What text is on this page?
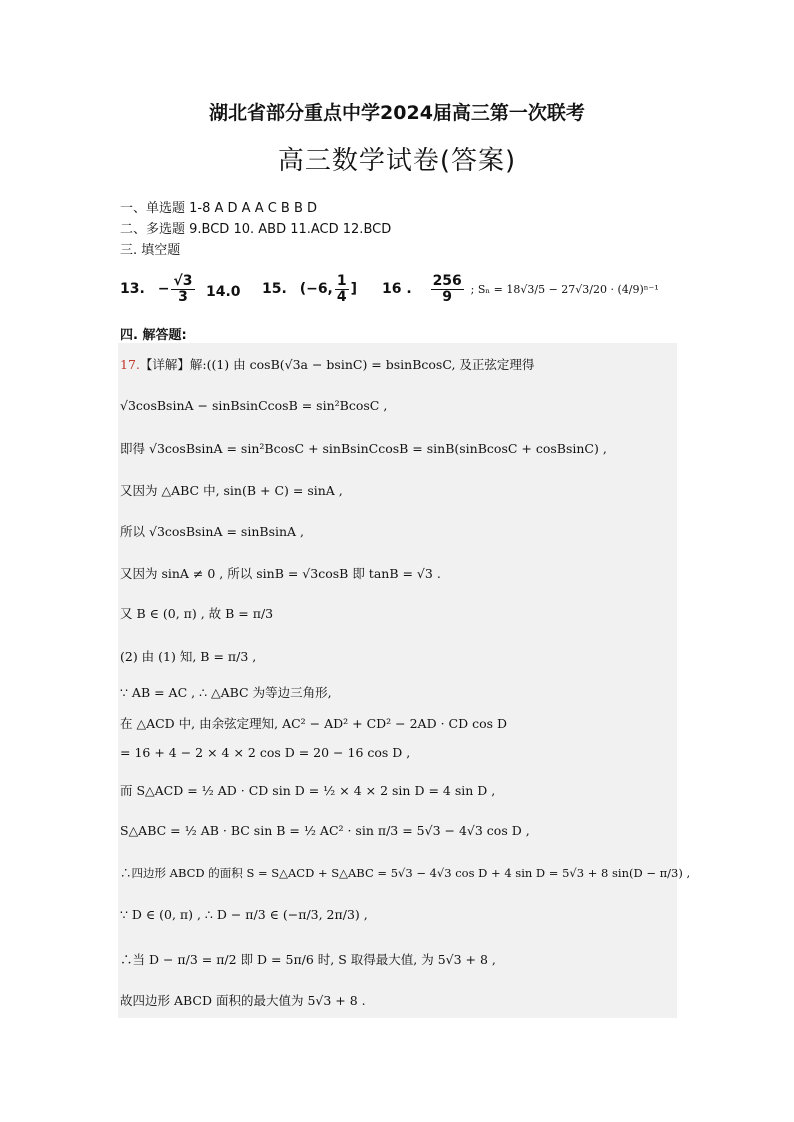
湖北省部分重点中学2024届高三第一次联考
高三数学试卷(答案)
一、单选题 1-8 A D A A C B B D
二、多选题 9.BCD 10. ABD 11.ACD 12.BCD
三. 填空题
13. − $\frac{√3}{3} 14.0$ 15. (−6, $\frac{1}{4}$ ] 16 . $\frac{256}{9}$ ; Sₙ = 18√3/5 − 27√3/20 · (4/9)ⁿ⁻¹
四. 解答题:
17.【详解】解:((1) 由 cosB(√3a − bsinC) = bsinBcosC, 及正弦定理得
√3cosBsinA − sinBsinCcosB = sin²BcosC ,
即得 √3cosBsinA = sin²BcosC + sinBsinCcosB = sinB(sinBcosC + cosBsinC) ,
又因为 △ABC 中, sin(B + C) = sinA ,
所以 √3cosBsinA = sinBsinA ,
又因为 sinA ≠ 0 , 所以 sinB = √3cosB 即 tanB = √3 .
又 B ∈ (0, π) , 故 B = π/3
(2) 由 (1) 知, B = π/3 ,
∵ AB = AC , ∴ △ABC 为等边三角形,
在 △ACD 中, 由余弦定理知, AC² − AD² + CD² − 2AD · CD cos D
= 16 + 4 − 2 × 4 × 2 cos D = 20 − 16 cos D ,
而 S△ACD = ½ AD · CD sin D = ½ × 4 × 2 sin D = 4 sin D ,
S△ABC = ½ AB · BC sin B = ½ AC² · sin π/3 = 5√3 − 4√3 cos D ,
∴四边形 ABCD 的面积 S = S△ACD + S△ABC = 5√3 − 4√3 cos D + 4 sin D = 5√3 + 8 sin(D − π/3) ,
∵ D ∈ (0, π) , ∴ D − π/3 ∈ (−π/3, 2π/3) ,
∴当 D − π/3 = π/2 即 D = 5π/6 时, S 取得最大值, 为 5√3 + 8 ,
故四边形 ABCD 面积的最大值为 5√3 + 8 .
